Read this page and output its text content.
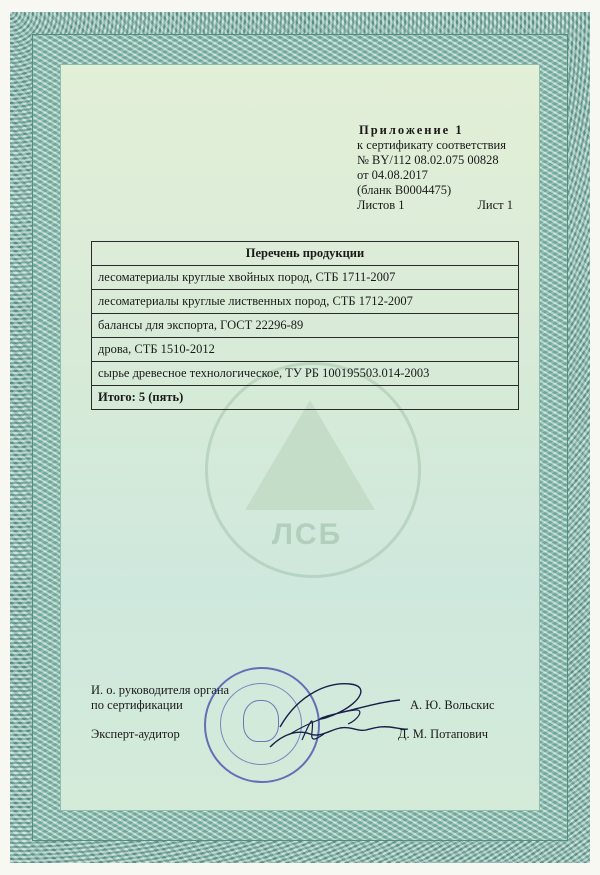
ЛСБ
Приложение 1
к сертификату соответствия
№ BY/112 08.02.075 00828
от 04.08.2017
(бланк B0004475)
Листов 1	Лист 1
Перечень продукции
лесоматериалы круглые хвойных пород, СТБ 1711-2007
лесоматериалы круглые лиственных пород, СТБ 1712-2007
балансы для экспорта, ГОСТ 22296-89
дрова, СТБ 1510-2012
сырье древесное технологическое, ТУ РБ 100195503.014-2003
Итого: 5 (пять)
И. о. руководителя органа
по сертификации	А. Ю. Вольскис
Эксперт-аудитор	Д. М. Потапович
